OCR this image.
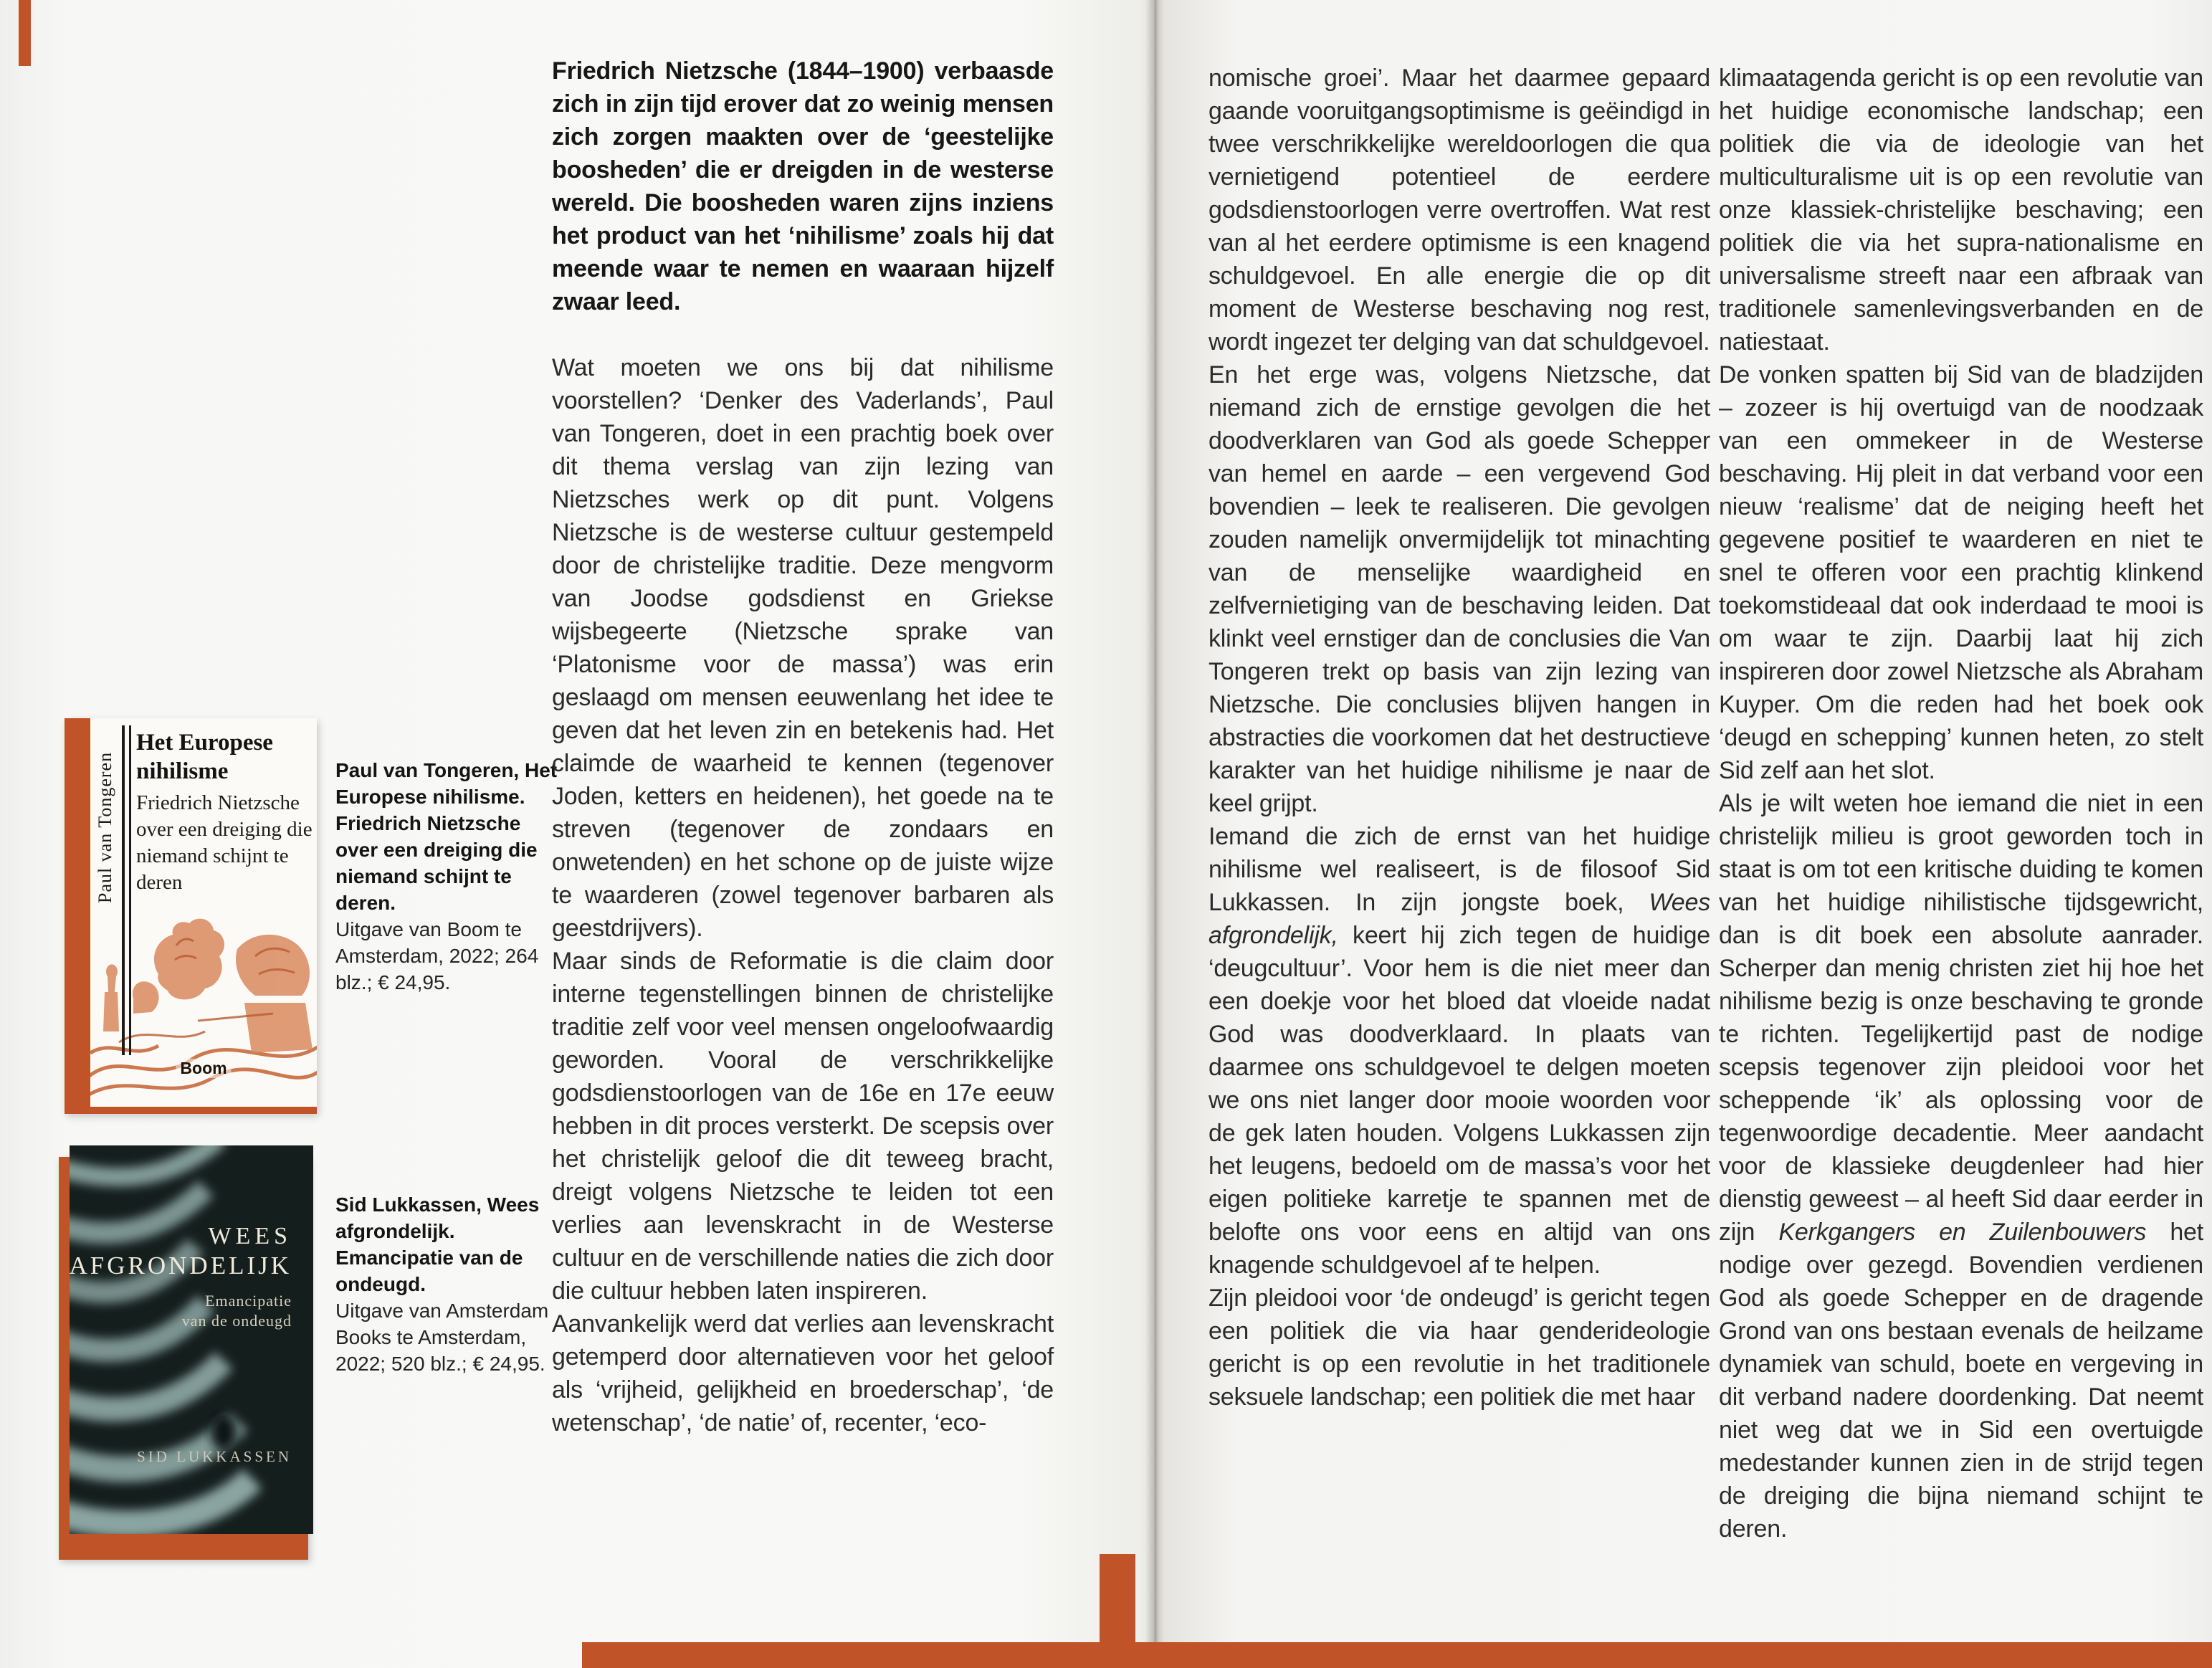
Paul van Tongeren

Het Europese nihilisme

Friedrich Nietzsche over een dreiging die niemand schijnt te deren

Boom
Paul van Tongeren, Het Europese nihilisme. Friedrich Nietzsche over een dreiging die niemand schijnt te deren.
Uitgave van Boom te Amsterdam, 2022; 264 blz.; € 24,95.
WEES
AFGRONDELIJK
Emancipatie
van de ondeugd
SID LUKKASSEN
Sid Lukkassen, Wees afgrondelijk. Emancipatie van de ondeugd.
Uitgave van Amsterdam Books te Amsterdam, 2022; 520 blz.; € 24,95.

Friedrich Nietzsche (1844–1900) verbaasde zich in zijn tijd erover dat zo weinig mensen zich zorgen maakten over de ‘geestelijke boosheden’ die er dreigden in de westerse wereld. Die boosheden waren zijns inziens het product van het ‘nihilisme’ zoals hij dat meende waar te nemen en waaraan hijzelf zwaar leed.

Wat moeten we ons bij dat nihilisme voorstellen? ‘Denker des Vaderlands’, Paul van Tongeren, doet in een prachtig boek over dit thema verslag van zijn lezing van Nietzsches werk op dit punt. Volgens Nietzsche is de westerse cultuur gestempeld door de christelijke traditie. Deze mengvorm van Joodse godsdienst en Griekse wijsbegeerte (Nietzsche sprake van ‘Platonisme voor de massa’) was erin geslaagd om mensen eeuwenlang het idee te geven dat het leven zin en betekenis had. Het claimde de waarheid te kennen (tegenover Joden, ketters en heidenen), het goede na te streven (tegenover de zondaars en onwetenden) en het schone op de juiste wijze te waarderen (zowel tegenover barbaren als geestdrijvers).

Maar sinds de Reformatie is die claim door interne tegenstellingen binnen de christelijke traditie zelf voor veel mensen ongeloofwaardig geworden. Vooral de verschrikkelijke godsdienstoorlogen van de 16e en 17e eeuw hebben in dit proces versterkt. De scepsis over het christelijk geloof die dit teweeg bracht, dreigt volgens Nietzsche te leiden tot een verlies aan levenskracht in de Westerse cultuur en de verschillende naties die zich door die cultuur hebben laten inspireren.

Aanvankelijk werd dat verlies aan levenskracht getemperd door alternatieven voor het geloof als ‘vrijheid, gelijkheid en broederschap’, ‘de wetenschap’, ‘de natie’ of, recenter, ‘eco-

nomische groei’. Maar het daarmee gepaard gaande vooruitgangsoptimisme is geëindigd in twee verschrikkelijke wereldoorlogen die qua vernietigend potentieel de eerdere godsdienstoorlogen verre overtroffen. Wat rest van al het eerdere optimisme is een knagend schuldgevoel. En alle energie die op dit moment de Westerse beschaving nog rest, wordt ingezet ter delging van dat schuldgevoel.

En het erge was, volgens Nietzsche, dat niemand zich de ernstige gevolgen die het doodverklaren van God als goede Schepper van hemel en aarde – een vergevend God bovendien – leek te realiseren. Die gevolgen zouden namelijk onvermijdelijk tot minachting van de menselijke waardigheid en zelfvernietiging van de beschaving leiden. Dat klinkt veel ernstiger dan de conclusies die Van Tongeren trekt op basis van zijn lezing van Nietzsche. Die conclusies blijven hangen in abstracties die voorkomen dat het destructieve karakter van het huidige nihilisme je naar de keel grijpt.

Iemand die zich de ernst van het huidige nihilisme wel realiseert, is de filosoof Sid Lukkassen. In zijn jongste boek, Wees afgrondelijk, keert hij zich tegen de huidige ‘deugcultuur’. Voor hem is die niet meer dan een doekje voor het bloed dat vloeide nadat God was doodverklaard. In plaats van daarmee ons schuldgevoel te delgen moeten we ons niet langer door mooie woorden voor de gek laten houden. Volgens Lukkassen zijn het leugens, bedoeld om de massa’s voor het eigen politieke karretje te spannen met de belofte ons voor eens en altijd van ons knagende schuldgevoel af te helpen.

Zijn pleidooi voor ‘de ondeugd’ is gericht tegen een politiek die via haar genderideologie gericht is op een revolutie in het traditionele seksuele landschap; een politiek die met haar

klimaatagenda gericht is op een revolutie van het huidige economische landschap; een politiek die via de ideologie van het multiculturalisme uit is op een revolutie van onze klassiek-christelijke beschaving; een politiek die via het supra-nationalisme en universalisme streeft naar een afbraak van traditionele samenlevingsverbanden en de natiestaat.

De vonken spatten bij Sid van de bladzijden – zozeer is hij overtuigd van de noodzaak van een ommekeer in de Westerse beschaving. Hij pleit in dat verband voor een nieuw ‘realisme’ dat de neiging heeft het gegevene positief te waarderen en niet te snel te offeren voor een prachtig klinkend toekomstideaal dat ook inderdaad te mooi is om waar te zijn. Daarbij laat hij zich inspireren door zowel Nietzsche als Abraham Kuyper. Om die reden had het boek ook ‘deugd en schepping’ kunnen heten, zo stelt Sid zelf aan het slot.

Als je wilt weten hoe iemand die niet in een christelijk milieu is groot geworden toch in staat is om tot een kritische duiding te komen van het huidige nihilistische tijdsgewricht, dan is dit boek een absolute aanrader. Scherper dan menig christen ziet hij hoe het nihilisme bezig is onze beschaving te gronde te richten. Tegelijkertijd past de nodige scepsis tegenover zijn pleidooi voor het scheppende ‘ik’ als oplossing voor de tegenwoordige decadentie. Meer aandacht voor de klassieke deugdenleer had hier dienstig geweest – al heeft Sid daar eerder in zijn Kerkgangers en Zuilenbouwers het nodige over gezegd. Bovendien verdienen God als goede Schepper en de dragende Grond van ons bestaan evenals de heilzame dynamiek van schuld, boete en vergeving in dit verband nadere doordenking. Dat neemt niet weg dat we in Sid een overtuigde medestander kunnen zien in de strijd tegen de dreiging die bijna niemand schijnt te deren.
